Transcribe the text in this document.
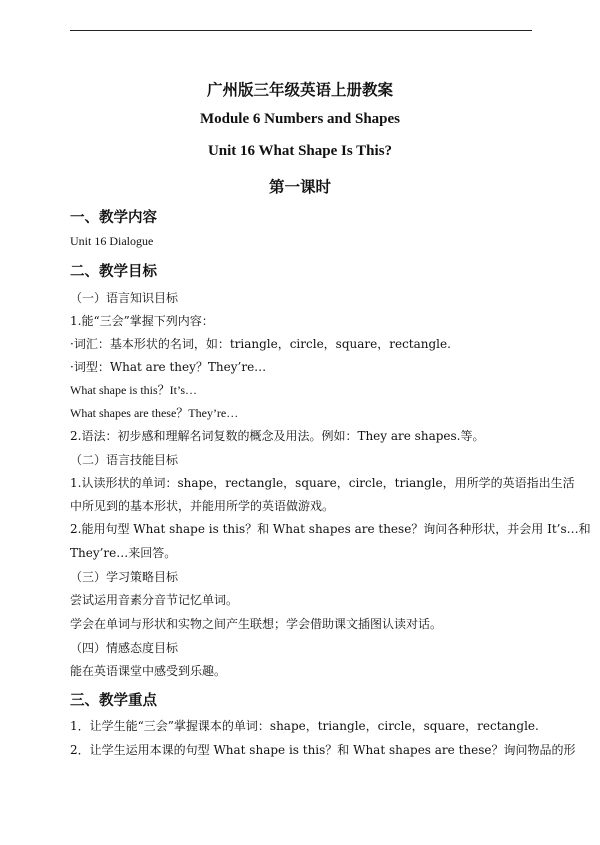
广州版三年级英语上册教案
Module 6 Numbers and Shapes
Unit 16 What Shape Is This?
第一课时
一、教学内容
Unit 16 Dialogue
二、教学目标
（一）语言知识目标
1.能“三会”掌握下列内容：
·词汇：基本形状的名词，如：triangle，circle，square，rectangle.
·词型：What are they？They’re…
What shape is this？It’s…
What shapes are these？They’re…
2.语法：初步感和理解名词复数的概念及用法。例如：They are shapes.等。
（二）语言技能目标
1.认读形状的单词：shape，rectangle，square，circle，triangle，用所学的英语指出生活
中所见到的基本形状，并能用所学的英语做游戏。
2.能用句型 What shape is this？和 What shapes are these？询问各种形状，并会用 It’s…和
They’re…来回答。
（三）学习策略目标
尝试运用音素分音节记忆单词。
学会在单词与形状和实物之间产生联想；学会借助课文插图认读对话。
（四）情感态度目标
能在英语课堂中感受到乐趣。
三、教学重点
1．让学生能“三会”掌握课本的单词：shape，triangle，circle，square，rectangle.
2．让学生运用本课的句型 What shape is this？和 What shapes are these？询问物品的形
